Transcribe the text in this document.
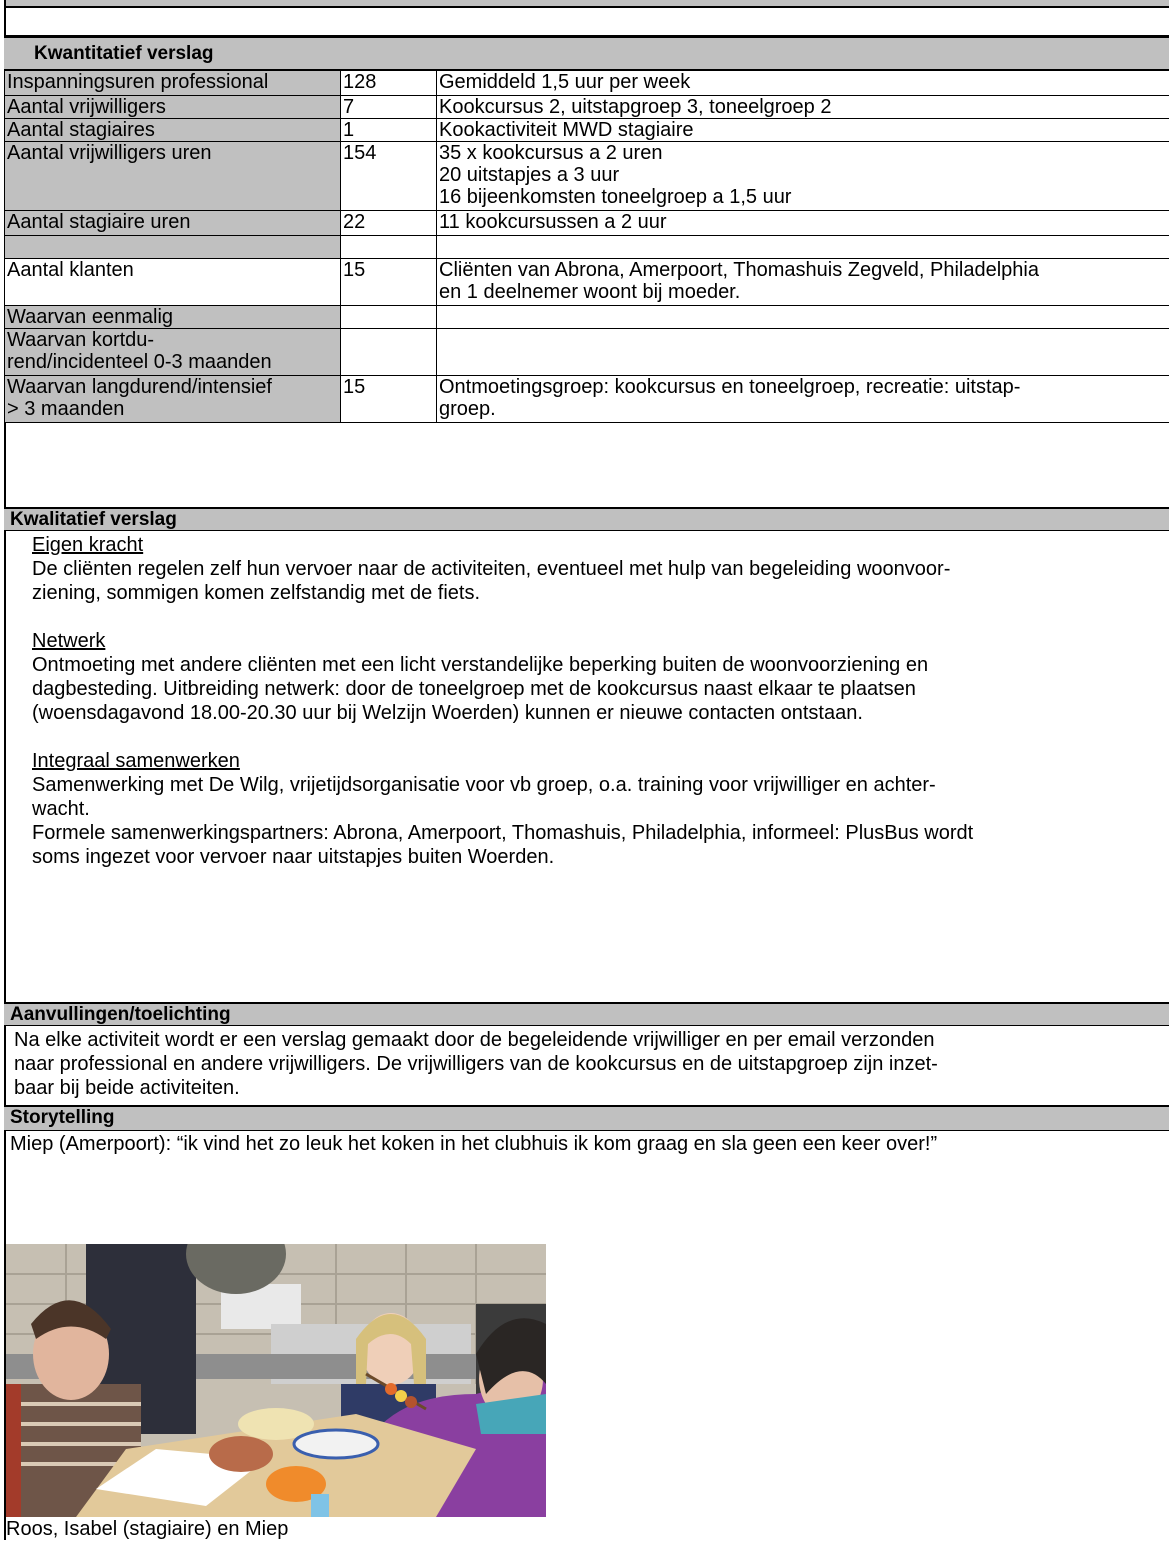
Kwantitatief verslag
Inspanningsuren professional	128	Gemiddeld 1,5 uur per week
Aantal vrijwilligers	7	Kookcursus 2, uitstapgroep 3, toneelgroep 2
Aantal stagiaires	1	Kookactiviteit MWD stagiaire
Aantal vrijwilligers uren	154	35 x kookcursus a 2 uren
20 uitstapjes a 3 uur
16 bijeenkomsten toneelgroep a 1,5 uur
Aantal stagiaire uren	22	11 kookcursussen a 2 uur

Aantal klanten	15	Cliënten van Abrona, Amerpoort, Thomashuis Zegveld, Philadelphia
en 1 deelnemer woont bij moeder.
Waarvan eenmalig		
Waarvan kortdu-
rend/incidenteel 0-3 maanden		
Waarvan langdurend/intensief
> 3 maanden	15	Ontmoetingsgroep: kookcursus en toneelgroep, recreatie: uitstap-
groep.
Kwalitatief verslag

Eigen kracht

De cliënten regelen zelf hun vervoer naar de activiteiten, eventueel met hulp van begeleiding woonvoor-
ziening, sommigen komen zelfstandig met de fiets.

Netwerk

Ontmoeting met andere cliënten met een licht verstandelijke beperking buiten de woonvoorziening en
dagbesteding. Uitbreiding netwerk: door de toneelgroep met de kookcursus naast elkaar te plaatsen
(woensdagavond 18.00-20.30 uur bij Welzijn Woerden) kunnen er nieuwe contacten ontstaan.

Integraal samenwerken

Samenwerking met De Wilg, vrijetijdsorganisatie voor vb groep, o.a. training voor vrijwilliger en achter-
wacht.
Formele samenwerkingspartners: Abrona, Amerpoort, Thomashuis, Philadelphia, informeel: PlusBus wordt
soms ingezet voor vervoer naar uitstapjes buiten Woerden.

Aanvullingen/toelichting
Na elke activiteit wordt er een verslag gemaakt door de begeleidende vrijwilliger en per email verzonden
naar professional en andere vrijwilligers. De vrijwilligers van de kookcursus en de uitstapgroep zijn inzet-
baar bij beide activiteiten.
Storytelling
Miep (Amerpoort): “ik vind het zo leuk het koken in het clubhuis ik kom graag en sla geen een keer over!”
Roos, Isabel (stagiaire) en Miep
